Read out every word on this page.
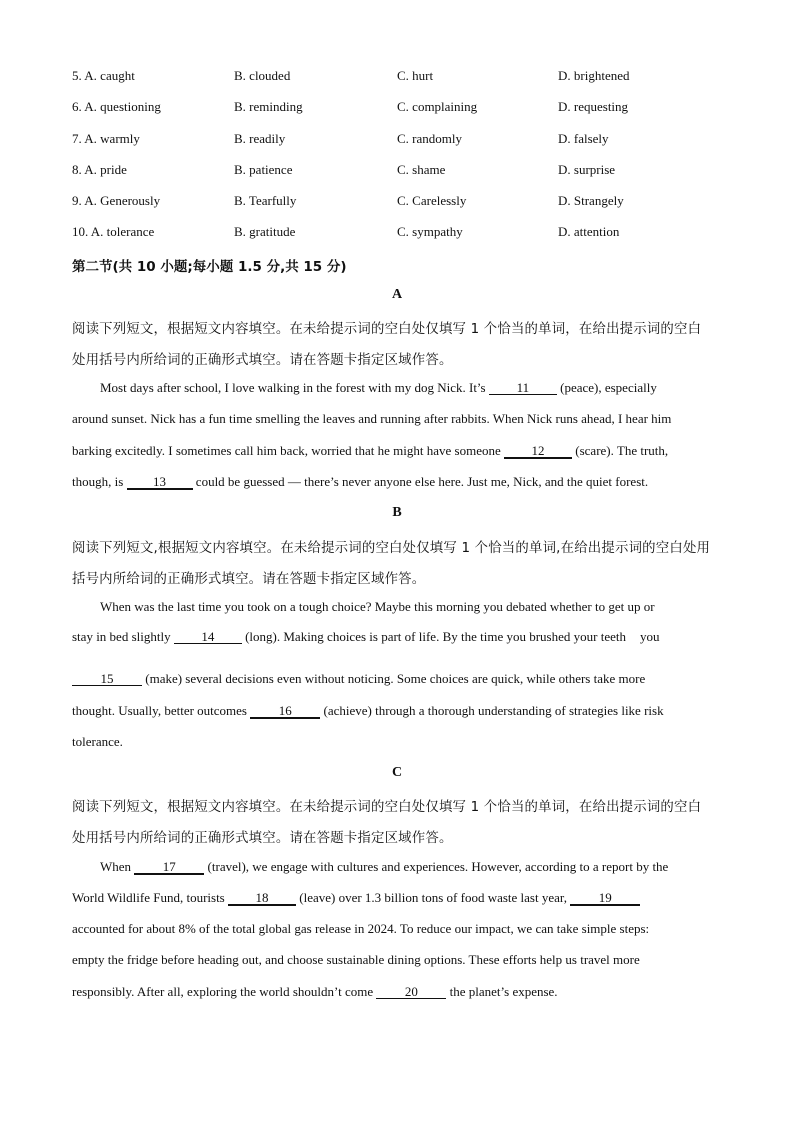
5. A. caught	B. clouded	C. hurt	D. brightened
6. A. questioning	B. reminding	C. complaining	D. requesting
7. A. warmly	B. readily	C. randomly	D. falsely
8. A. pride	B. patience	C. shame	D. surprise
9. A. Generously	B. Tearfully	C. Carelessly	D. Strangely
10. A. tolerance	B. gratitude	C. sympathy	D. attention
第二节(共 10 小题;每小题 1.5 分,共 15 分)
A
阅读下列短文，根据短文内容填空。在未给提示词的空白处仅填写 1 个恰当的单词，在给出提示词的空白
处用括号内所给词的正确形式填空。请在答题卡指定区域作答。
Most days after school, I love walking in the forest with my dog Nick. It’s 11 (peace), especially
around sunset. Nick has a fun time smelling the leaves and running after rabbits. When Nick runs ahead, I hear him
barking excitedly. I sometimes call him back, worried that he might have someone 12 (scare). The truth,
though, is 13 could be guessed — there’s never anyone else here. Just me, Nick, and the quiet forest.
B
阅读下列短文,根据短文内容填空。在未给提示词的空白处仅填写 1 个恰当的单词,在给出提示词的空白处用
括号内所给词的正确形式填空。请在答题卡指定区域作答。
When was the last time you took on a tough choice? Maybe this morning you debated whether to get up or
stay in bed slightly 14 (long). Making choices is part of life. By the time you brushed your teeth you
15 (make) several decisions even without noticing. Some choices are quick, while others take more
thought. Usually, better outcomes 16 (achieve) through a thorough understanding of strategies like risk
tolerance.
C
阅读下列短文，根据短文内容填空。在未给提示词的空白处仅填写 1 个恰当的单词，在给出提示词的空白
处用括号内所给词的正确形式填空。请在答题卡指定区域作答。
When 17 (travel), we engage with cultures and experiences. However, according to a report by the
World Wildlife Fund, tourists 18 (leave) over 1.3 billion tons of food waste last year, 19
accounted for about 8% of the total global gas release in 2024. To reduce our impact, we can take simple steps:
empty the fridge before heading out, and choose sustainable dining options. These efforts help us travel more
responsibly. After all, exploring the world shouldn’t come 20 the planet’s expense.
